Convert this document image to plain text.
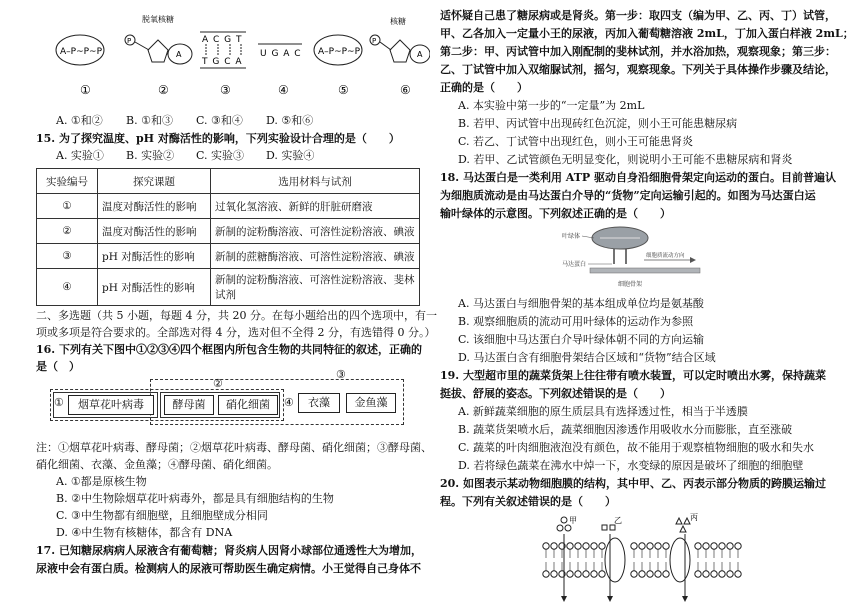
A–P~P~P
P
脱氧核糖
A
A C G T
T G C A
U G A C A–P~P~P
P
核糖
A
①	②	③	④	⑤	⑥
A. ①和② B. ①和③ C. ③和④ D. ⑤和⑥
15. 为了探究温度、pH 对酶活性的影响，下列实验设计合理的是（　　）
A. 实验① B. 实验② C. 实验③ D. 实验④
实验编号	探究课题	选用材料与试剂
①	温度对酶活性的影响	过氧化氢溶液、新鲜的肝脏研磨液
②	温度对酶活性的影响	新制的淀粉酶溶液、可溶性淀粉溶液、碘液
③	pH 对酶活性的影响	新制的蔗糖酶溶液、可溶性淀粉溶液、碘液
④	pH 对酶活性的影响	新制的淀粉酶溶液、可溶性淀粉溶液、斐林试剂
二、多选题（共 5 小题，每题 4 分，共 20 分。在每小题给出的四个选项中，有一
项或多项是符合要求的。全部选对得 4 分，选对但不全得 2 分，有选错得 0 分。）
16. 下列有关下图中①②③④四个框图内所包含生物的共同特征的叙述，正确的
是（　）
①	烟草花叶病毒
②
酵母菌	硝化细菌
③
④	衣藻	金鱼藻
注：①烟草花叶病毒、酵母菌；②烟草花叶病毒、酵母菌、硝化细菌；③酵母菌、
硝化细菌、衣藻、金鱼藻；④酵母菌、硝化细菌。
A. ①都是原核生物
B. ②中生物除烟草花叶病毒外，都是具有细胞结构的生物
C. ③中生物都有细胞壁，且细胞壁成分相同
D. ④中生物有核糖体，都含有 DNA
17. 已知糖尿病病人尿液含有葡萄糖；肾炎病人因肾小球部位通透性大为增加，
尿液中会有蛋白质。检测病人的尿液可帮助医生确定病情。小王觉得自己身体不
适怀疑自己患了糖尿病或是肾炎。第一步：取四支（编为甲、乙、丙、丁）试管，
甲、乙各加入一定量小王的尿液，丙加入葡萄糖溶液 2mL，丁加入蛋白样液 2mL；
第二步：甲、丙试管中加入刚配制的斐林试剂，并水浴加热，观察现象；第三步：
乙、丁试管中加入双缩脲试剂，摇匀，观察现象。下列关于具体操作步骤及结论，
正确的是（　　）
A. 本实验中第一步的“一定量”为 2mL
B. 若甲、丙试管中出现砖红色沉淀，则小王可能患糖尿病
C. 若乙、丁试管中出现红色，则小王可能患肾炎
D. 若甲、乙试管颜色无明显变化，则说明小王可能不患糖尿病和肾炎
18. 马达蛋白是一类利用 ATP 驱动自身沿细胞骨架定向运动的蛋白。目前普遍认
为细胞质流动是由马达蛋白介导的“货物”定向运输引起的。如图为马达蛋白运
输叶绿体的示意图。下列叙述正确的是（　　）
叶绿体
马达蛋白
细胞质流动方向
细胞骨架
A. 马达蛋白与细胞骨架的基本组成单位均是氨基酸
B. 观察细胞质的流动可用叶绿体的运动作为参照
C. 该细胞中马达蛋白介导叶绿体朝不同的方向运输
D. 马达蛋白含有细胞骨架结合区域和“货物”结合区域
19. 大型超市里的蔬菜货架上往往带有喷水装置，可以定时喷出水雾，保持蔬菜
挺拔、舒展的姿态。下列叙述错误的是（　　）
A. 新鲜蔬菜细胞的原生质层具有选择透过性，相当于半透膜
B. 蔬菜货架喷水后，蔬菜细胞因渗透作用吸收水分而膨胀，直至涨破
C. 蔬菜的叶肉细胞液泡没有颜色，故不能用于观察植物细胞的吸水和失水
D. 若将绿色蔬菜在沸水中焯一下，水变绿的原因是破坏了细胞的细胞壁
20. 如图表示某动物细胞膜的结构，其中甲、乙、丙表示部分物质的跨膜运输过
程。下列有关叙述错误的是（　　）
甲	乙	丙
